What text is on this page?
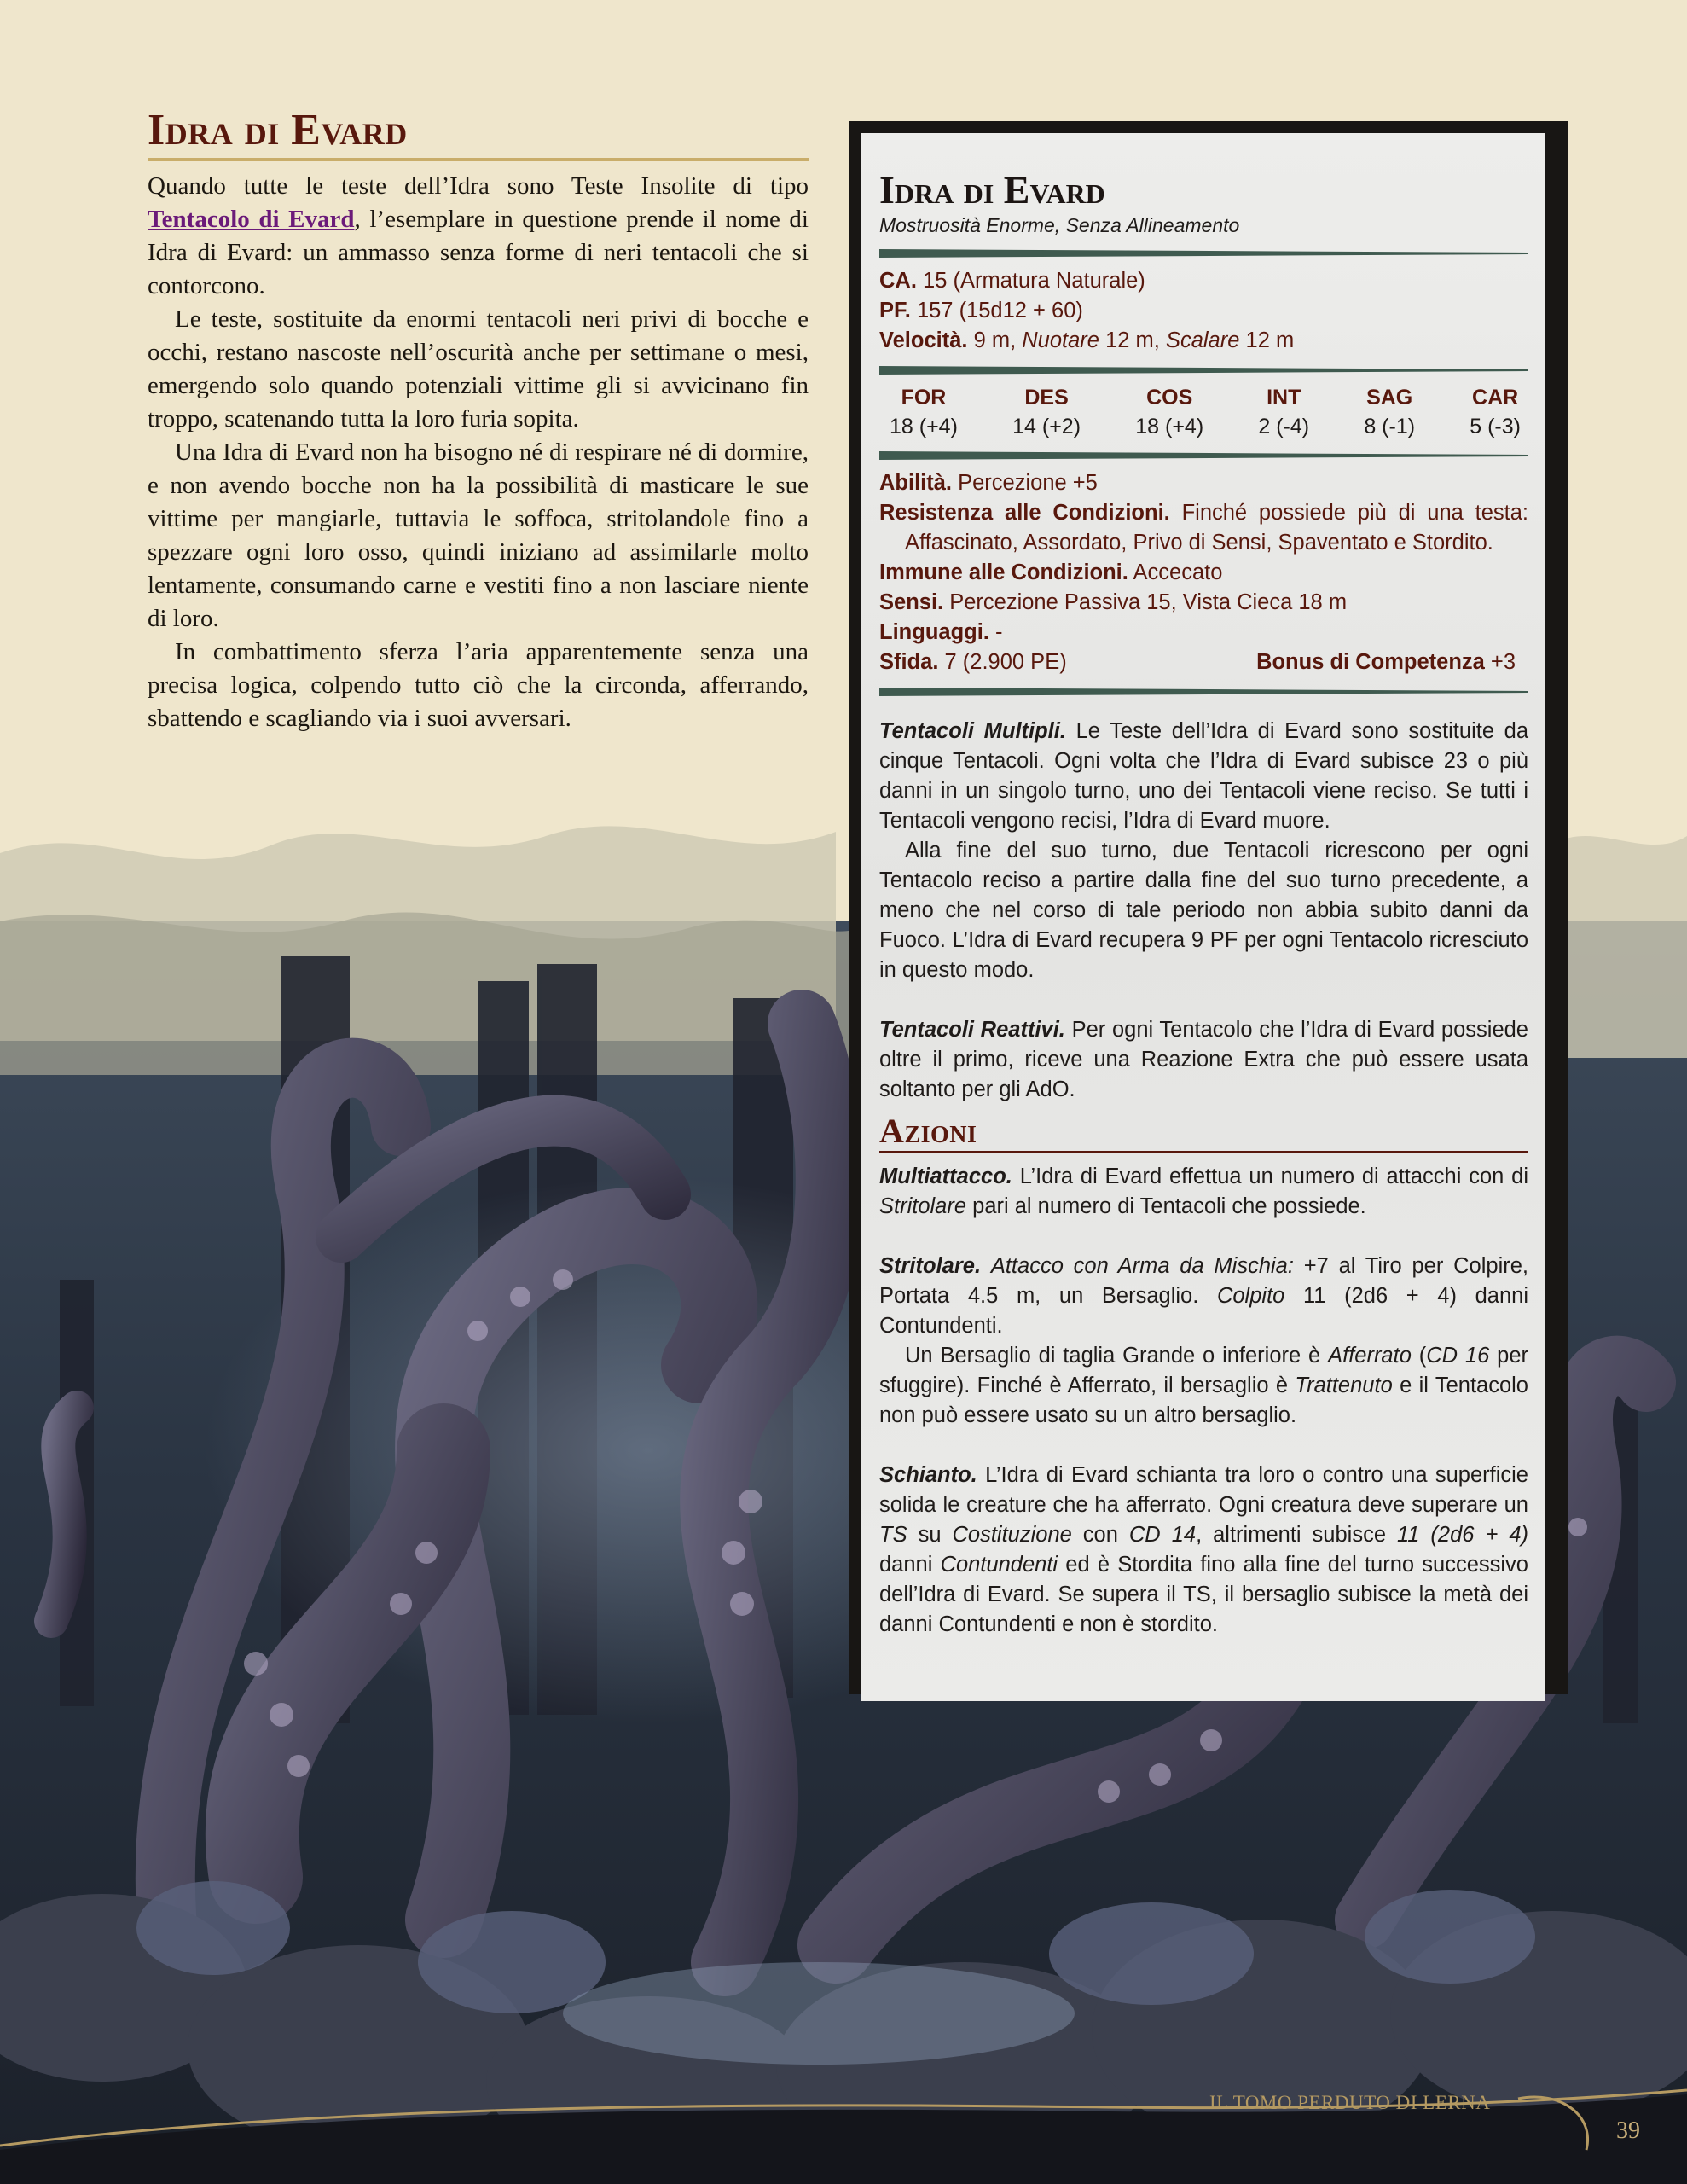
Idra di Evard

Quando tutte le teste dell’Idra sono Teste Insolite di tipo Tentacolo di Evard, l’esemplare in questione prende il nome di Idra di Evard: un ammasso senza forme di neri tentacoli che si contorcono.

Le teste, sostituite da enormi tentacoli neri privi di bocche e occhi, restano nascoste nell’oscurità anche per settimane o mesi, emergendo solo quando potenziali vittime gli si avvicinano fin troppo, scatenando tutta la loro furia sopita.

Una Idra di Evard non ha bisogno né di respirare né di dormire, e non avendo bocche non ha la possibilità di masticare le sue vittime per mangiarle, tuttavia le soffoca, stritolandole fino a spezzare ogni loro osso, quindi iniziano ad assimilarle molto lentamente, consumando carne e vestiti fino a non lasciare niente di loro.

In combattimento sferza l’aria apparentemente senza una precisa logica, colpendo tutto ciò che la circonda, afferrando, sbattendo e scagliando via i suoi avversari.

Idra di Evard

Mostruosità Enorme, Senza Allineamento

CA. 15 (Armatura Naturale)

PF. 157 (15d12 + 60)

Velocità. 9 m, Nuotare 12 m, Scalare 12 m

FOR
18 (+4)
DES
14 (+2)
COS
18 (+4)
INT
2 (-4)
SAG
8 (-1)
CAR
5 (-3)

Abilità. Percezione +5

Resistenza alle Condizioni. Finché possiede più di una testa: Affascinato, Assordato, Privo di Sensi, Spaventato e Stordito.

Immune alle Condizioni. Accecato

Sensi. Percezione Passiva 15, Vista Cieca 18 m

Linguaggi. -

Sfida. 7 (2.900 PE)	Bonus di Competenza +3

Tentacoli Multipli. Le Teste dell’Idra di Evard sono sostituite da cinque Tentacoli. Ogni volta che l’Idra di Evard subisce 23 o più danni in un singolo turno, uno dei Tentacoli viene reciso. Se tutti i Tentacoli vengono recisi, l’Idra di Evard muore.

Alla fine del suo turno, due Tentacoli ricrescono per ogni Tentacolo reciso a partire dalla fine del suo turno precedente, a meno che nel corso di tale periodo non abbia subito danni da Fuoco. L’Idra di Evard recupera 9 PF per ogni Tentacolo ricresciuto in questo modo.

Tentacoli Reattivi. Per ogni Tentacolo che l’Idra di Evard possiede oltre il primo, riceve una Reazione Extra che può essere usata soltanto per gli AdO.

Azioni

Multiattacco. L’Idra di Evard effettua un numero di attacchi con di Stritolare pari al numero di Tentacoli che possiede.

Stritolare. Attacco con Arma da Mischia: +7 al Tiro per Colpire, Portata 4.5 m, un Bersaglio. Colpito 11 (2d6 + 4) danni Contundenti.

Un Bersaglio di taglia Grande o inferiore è Afferrato (CD 16 per sfuggire). Finché è Afferrato, il bersaglio è Trattenuto e il Tentacolo non può essere usato su un altro bersaglio.

Schianto. L’Idra di Evard schianta tra loro o contro una superficie solida le creature che ha afferrato. Ogni creatura deve superare un TS su Costituzione con CD 14, altrimenti subisce 11 (2d6 + 4) danni Contundenti ed è Stordita fino alla fine del turno successivo dell’Idra di Evard. Se supera il TS, il bersaglio subisce la metà dei danni Contundenti e non è stordito.

IL TOMO PERDUTO DI LERNA
39
